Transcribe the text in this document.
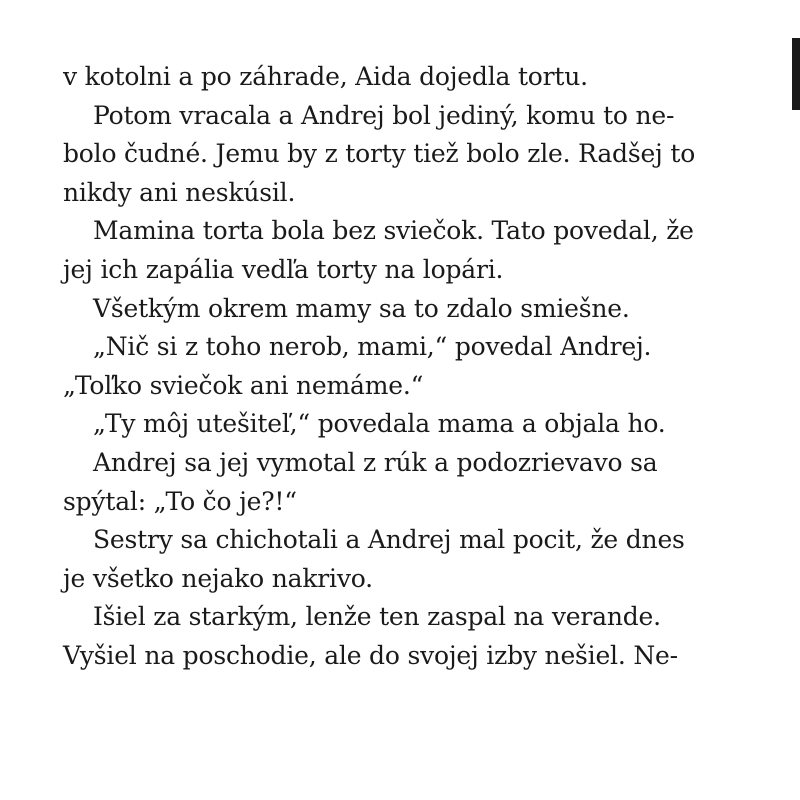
v kotolni a po záhrade, Aida dojedla tortu.
Potom vracala a Andrej bol jediný, komu to ne-
bolo čudné. Jemu by z torty tiež bolo zle. Radšej to
nikdy ani neskúsil.
Mamina torta bola bez sviečok. Tato povedal, že
jej ich zapália vedľa torty na lopári.
Všetkým okrem mamy sa to zdalo smiešne.
„Nič si z toho nerob, mami,“ povedal Andrej.
„Toľko sviečok ani nemáme.“
„Ty môj utešiteľ,“ povedala mama a objala ho.
Andrej sa jej vymotal z rúk a podozrievavo sa
spýtal: „To čo je?!“
Sestry sa chichotali a Andrej mal pocit, že dnes
je všetko nejako nakrivo.
Išiel za starkým, lenže ten zaspal na verande.
Vyšiel na poschodie, ale do svojej izby nešiel. Ne-
